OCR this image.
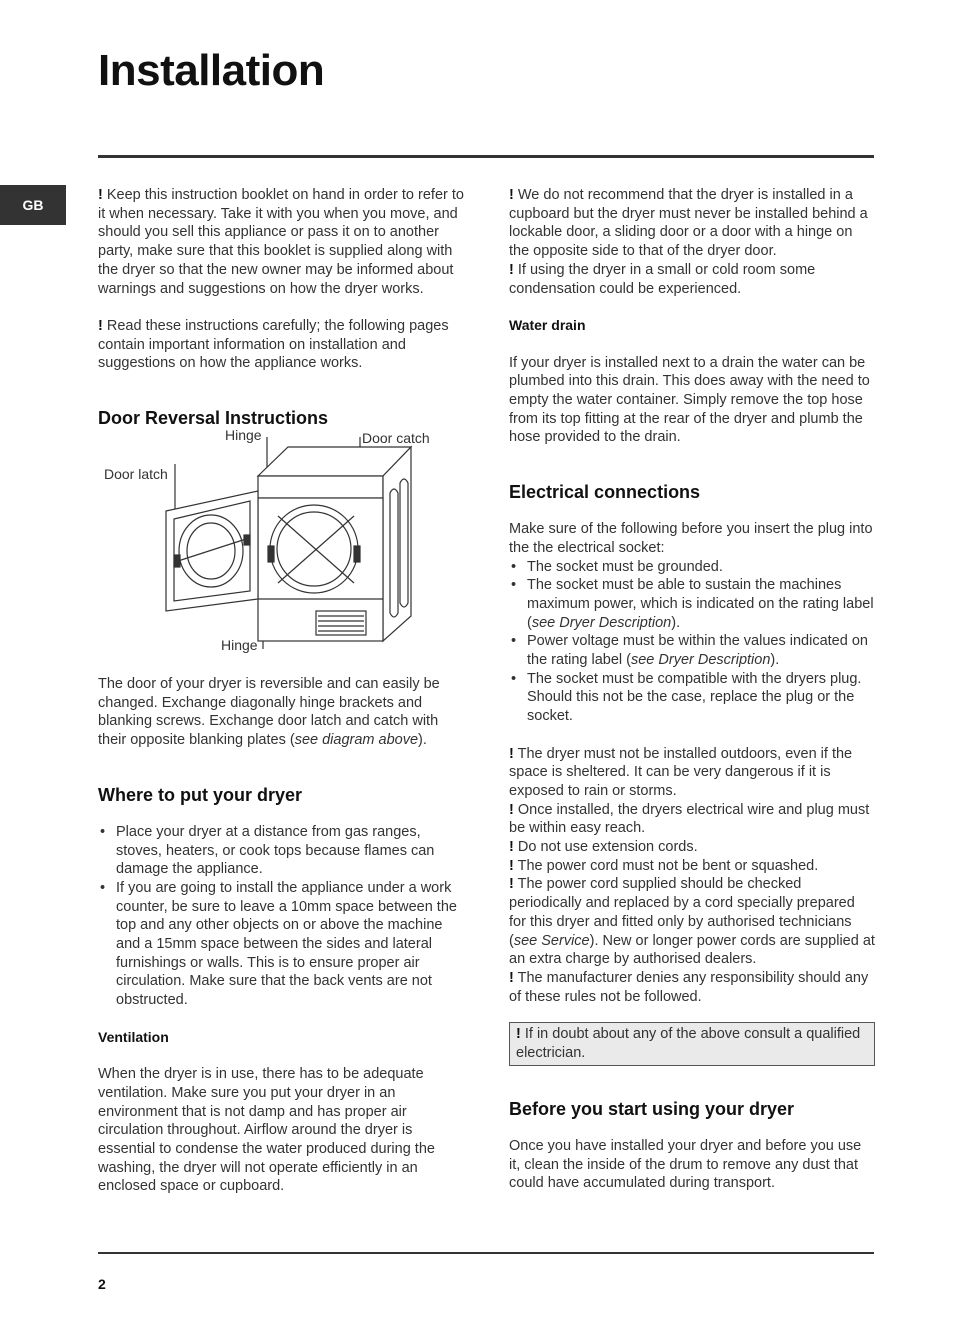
Installation
GB

! Keep this instruction booklet on hand in order to refer to it when necessary. Take it with you when you move, and should you sell this appliance or pass it on to another party, make sure that this booklet is supplied along with the dryer so that the new owner may be informed about warnings and suggestions on how the dryer works.

! Read these instructions carefully; the following pages contain important information on installation and suggestions on how the appliance works.

Door Reversal Instructions
Hinge	Door catch
Door latch
Hinge

The door of your dryer is reversible and can easily be changed. Exchange diagonally hinge brackets and blanking screws. Exchange door latch and catch with their opposite blanking plates (see diagram above).

Where to put your dryer
• Place your dryer at a distance from gas ranges, stoves, heaters, or cook tops because flames can damage the appliance.
• If you are going to install the appliance under a work counter, be sure to leave a 10mm space between the top and any other objects on or above the machine and a 15mm space between the sides and lateral furnishings or walls. This is to ensure proper air circulation. Make sure that the back vents are not obstructed.
Ventilation

When the dryer is in use, there has to be adequate ventilation. Make sure you put your dryer in an environment that is not damp and has proper air circulation throughout. Airflow around the dryer is essential to condense the water produced during the washing, the dryer will not operate efficiently in an enclosed space or cupboard.

! We do not recommend that the dryer is installed in a cupboard but the dryer must never be installed behind a lockable door, a sliding door or a door with a hinge on the opposite side to that of the dryer door.

! If using the dryer in a small or cold room some condensation could be experienced.

Water drain

If your dryer is installed next to a drain the water can be plumbed into this drain. This does away with the need to empty the water container. Simply remove the top hose from its top fitting at the rear of the dryer and plumb the hose provided to the drain.

Electrical connections

Make sure of the following before you insert the plug into the the electrical socket:

• The socket must be grounded.
• The socket must be able to sustain the machines maximum power, which is indicated on the rating label (see Dryer Description).
• Power voltage must be within the values indicated on the rating label (see Dryer Description).
• The socket must be compatible with the dryers plug. Should this not be the case, replace the plug or the socket.

! The dryer must not be installed outdoors, even if the space is sheltered. It can be very dangerous if it is exposed to rain or storms.

! Once installed, the dryers electrical wire and plug must be within easy reach.

! Do not use extension cords.

! The power cord must not be bent or squashed.

! The power cord supplied should be checked periodically and replaced by a cord specially prepared for this dryer and fitted only by authorised technicians (see Service). New or longer power cords are supplied at an extra charge by authorised dealers.

! The manufacturer denies any responsibility should any of these rules not be followed.

! If in doubt about any of the above consult a qualified electrician.

Before you start using your dryer

Once you have installed your dryer and before you use it, clean the inside of the drum to remove any dust that could have accumulated during transport.

2
